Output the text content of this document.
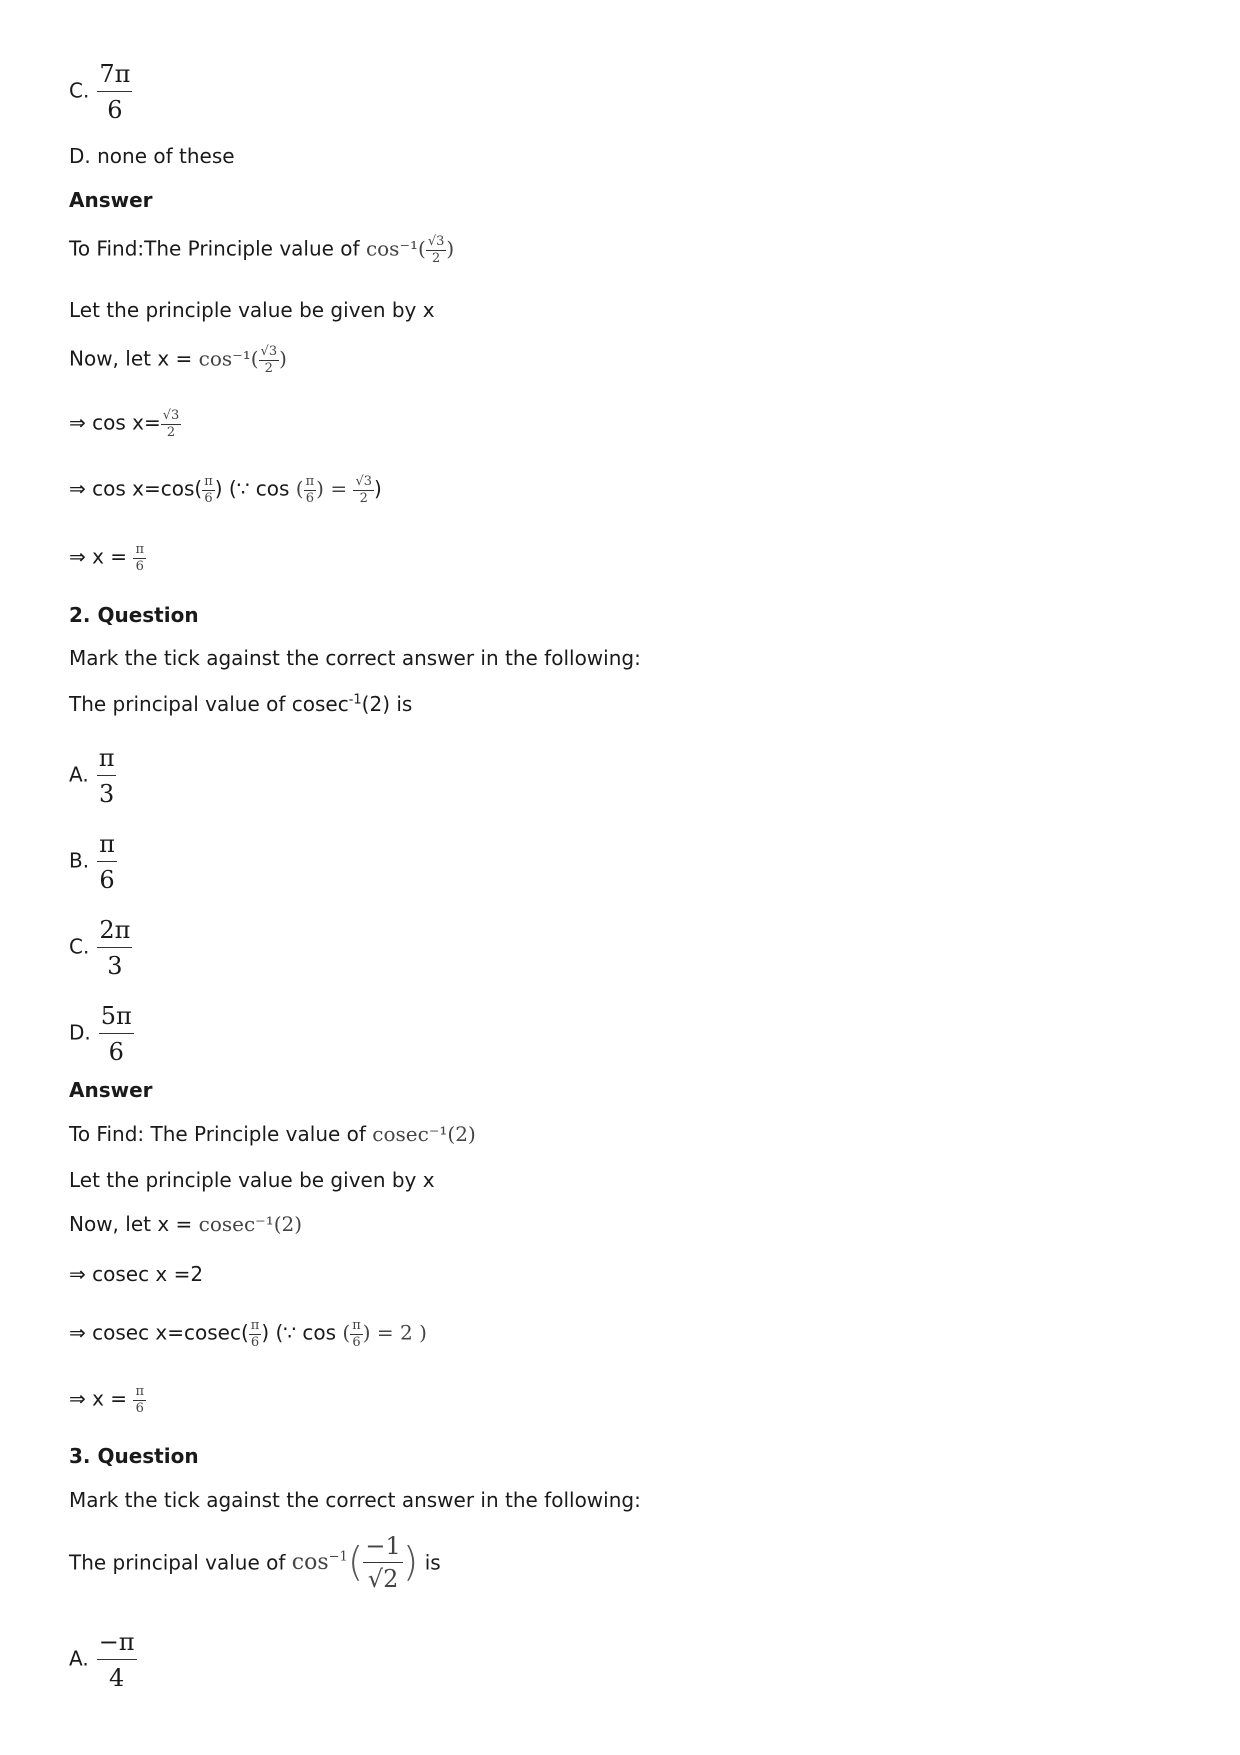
C. $\frac{7\pi}{6}$
D. none of these
Answer
To Find:The Principle value of $\cos^{-1}( \frac{√3}{2}$ )
Let the principle value be given by x
Now, let $x = \cos^{-1}( \frac{√3}{2}$ )
⇒ $\cos x= \frac{√3}{2}$
⇒ $\cos x=\cos( \frac{\pi}{6}$ ) (∵ cos ( $\frac{\pi}{6}$ ) = $\frac{√3}{2}$ )
⇒ $x = \frac{\pi}{6}$
2. Question
Mark the tick against the correct answer in the following:
The principal value of cosec$^{-1}$(2) is
A. $\frac{\pi}{3}$
B. $\frac{\pi}{6}$
C. $\frac{2\pi}{3}$
D. $\frac{5\pi}{6}$
Answer
To Find: The Principle value of cosec⁻¹(2)
Let the principle value be given by x
Now, let x = cosec⁻¹(2)
⇒ cosec x =2
⇒ cosec $x=cosec( \frac{\pi}{6}$ ) (∵ cos ( $\frac{\pi}{6}$ ) = 2 )
⇒ $x = \frac{\pi}{6}$
3. Question
Mark the tick against the correct answer in the following:
The principal value of $\cos^{-1}( \frac{-1}{√2}$ ) is
A. $\frac{-\pi}{4}$
